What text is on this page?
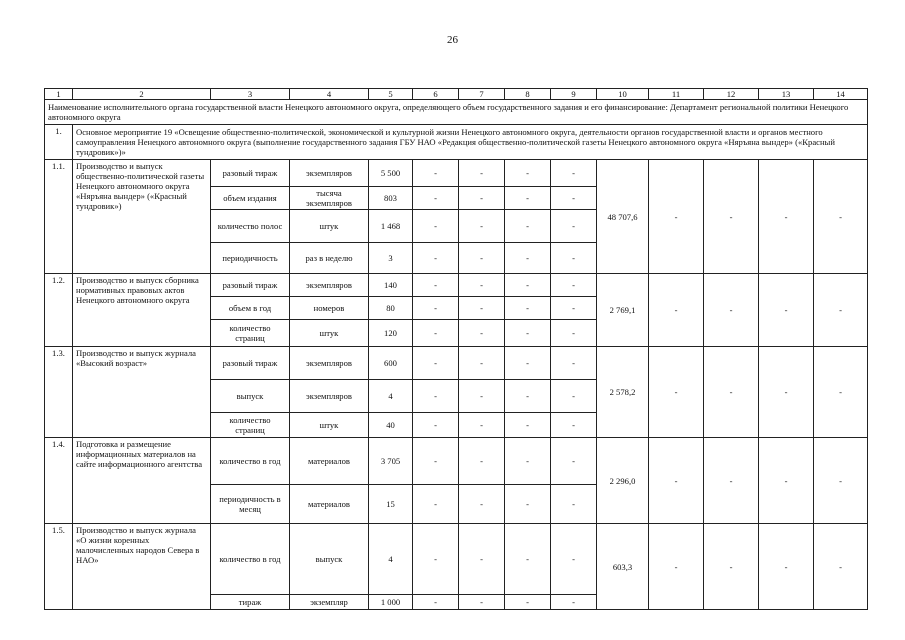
26
1	2	3	4	5	6	7	8	9	10	11	12	13	14
Наименование исполнительного органа государственной власти Ненецкого автономного округа, определяющего объем государственного задания и его финансирование: Департамент региональной политики Ненецкого автономного округа													
1.	Основное мероприятие 19 «Освещение общественно-политической, экономической и культурной жизни Ненецкого автономного округа, деятельности органов государственной власти и органов местного самоуправления Ненецкого автономного округа (выполнение государственного задания ГБУ НАО «Редакция общественно-политической газеты Ненецкого автономного округа «Няръяна вындер» («Красный тундровик»)»												
1.1.	Производство и выпуск общественно-политической газеты Ненецкого автономного округа «Няръяна вындер» («Красный тундровик»)	разовый тираж	экземпляров	5 500	-	-	-	-	48 707,6	-	-	-	-
		объем издания	тысяча экземпляров	803	-	-	-	-					
		количество полос	штук	1 468	-	-	-	-					
		периодичность	раз в неделю	3	-	-	-	-					
1.2.	Производство и выпуск сборника нормативных правовых актов Ненецкого автономного округа	разовый тираж	экземпляров	140	-	-	-	-	2 769,1	-	-	-	-
		объем в год	номеров	80	-	-	-	-					
		количество страниц	штук	120	-	-	-	-					
1.3.	Производство и выпуск журнала «Высокий возраст»	разовый тираж	экземпляров	600	-	-	-	-	2 578,2	-	-	-	-
		выпуск	экземпляров	4	-	-	-	-					
		количество страниц	штук	40	-	-	-	-					
1.4.	Подготовка и размещение информационных материалов на сайте информационного агентства	количество в год	материалов	3 705	-	-	-	-	2 296,0	-	-	-	-
		периодичность в месяц	материалов	15	-	-	-	-					
1.5.	Производство и выпуск журнала «О жизни коренных малочисленных народов Севера в НАО»	количество в год	выпуск	4	-	-	-	-	603,3	-	-	-	-
		тираж	экземпляр	1 000	-	-	-	-					
